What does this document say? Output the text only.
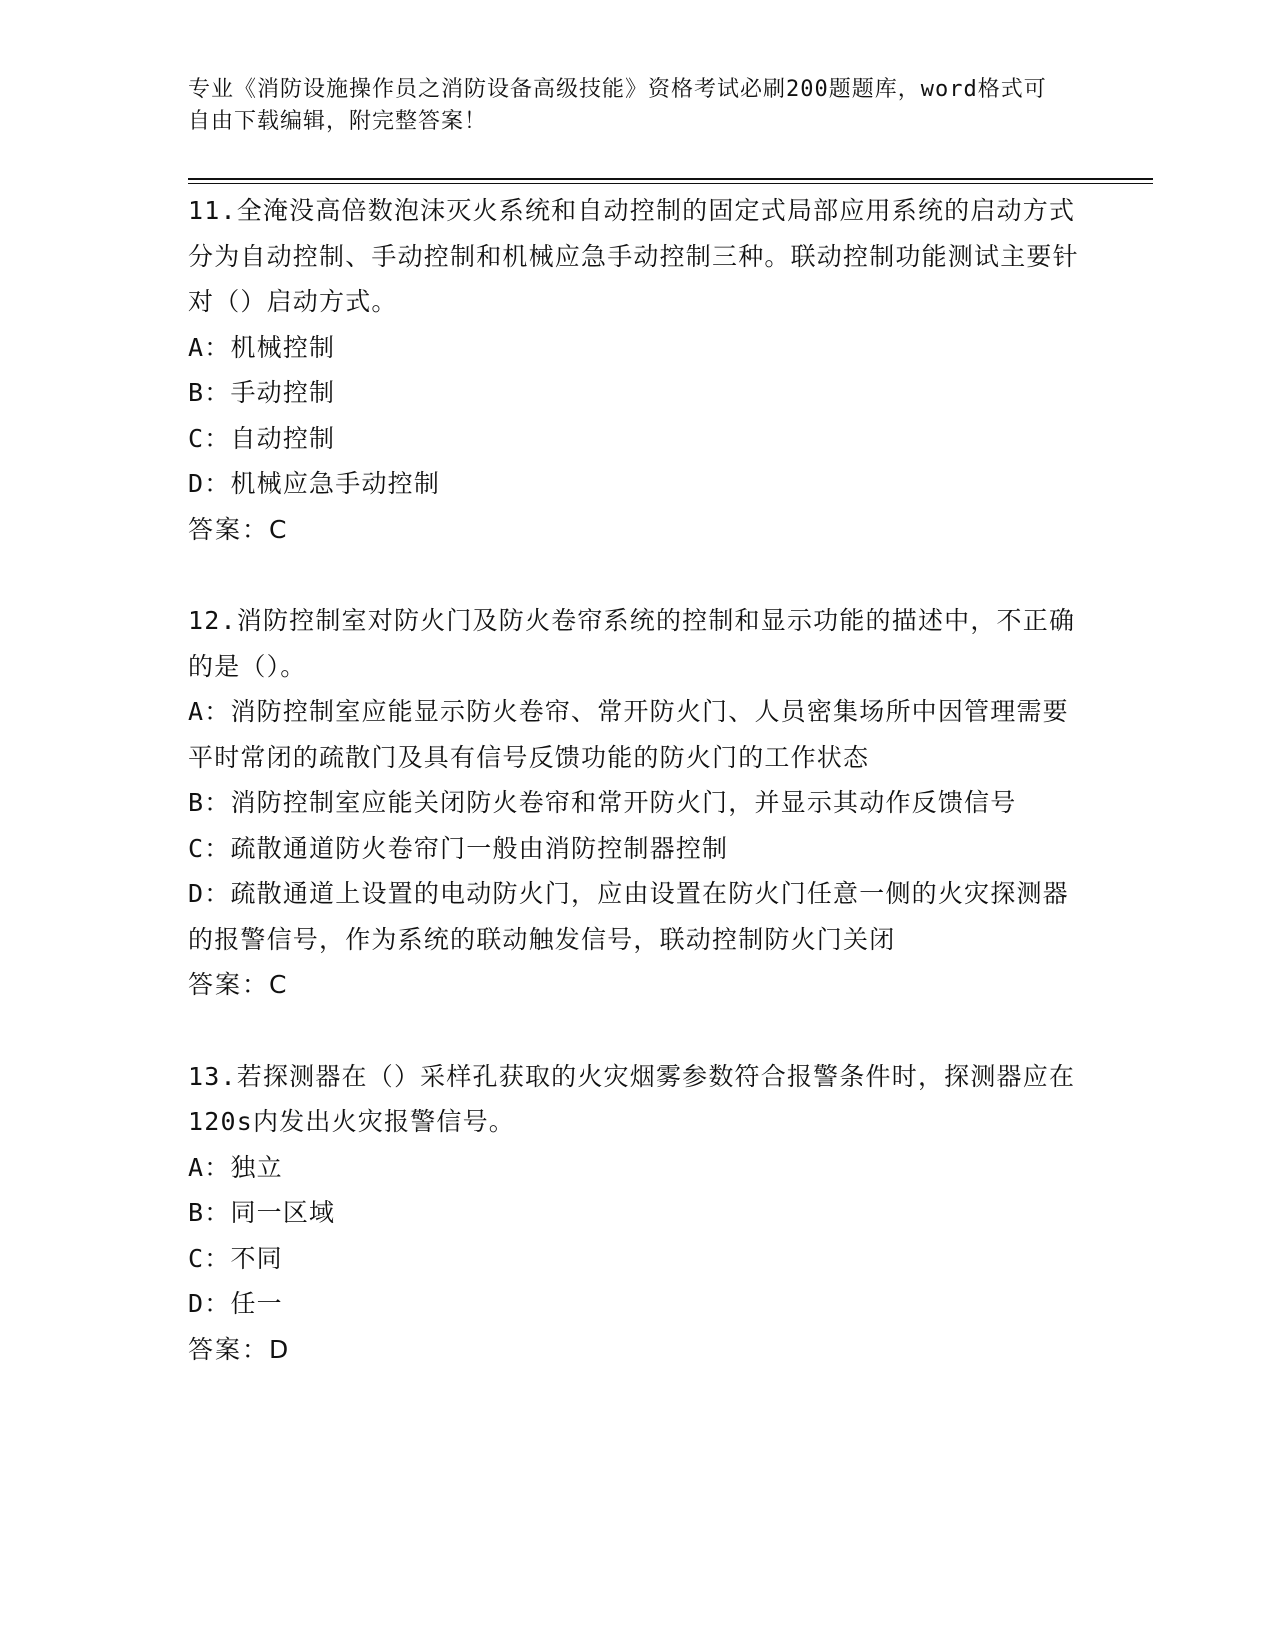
专业《消防设施操作员之消防设备高级技能》资格考试必刷200题题库，word格式可自由下载编辑，附完整答案！
11.全淹没高倍数泡沫灭火系统和自动控制的固定式局部应用系统的启动方式分为自动控制、手动控制和机械应急手动控制三种。联动控制功能测试主要针对（）启动方式。
A：机械控制
B：手动控制
C：自动控制
D：机械应急手动控制
答案：C
12.消防控制室对防火门及防火卷帘系统的控制和显示功能的描述中，不正确的是（）。
A：消防控制室应能显示防火卷帘、常开防火门、人员密集场所中因管理需要平时常闭的疏散门及具有信号反馈功能的防火门的工作状态
B：消防控制室应能关闭防火卷帘和常开防火门，并显示其动作反馈信号
C：疏散通道防火卷帘门一般由消防控制器控制
D：疏散通道上设置的电动防火门，应由设置在防火门任意一侧的火灾探测器的报警信号，作为系统的联动触发信号，联动控制防火门关闭
答案：C
13.若探测器在（）采样孔获取的火灾烟雾参数符合报警条件时，探测器应在120s内发出火灾报警信号。
A：独立
B：同一区域
C：不同
D：任一
答案：D
